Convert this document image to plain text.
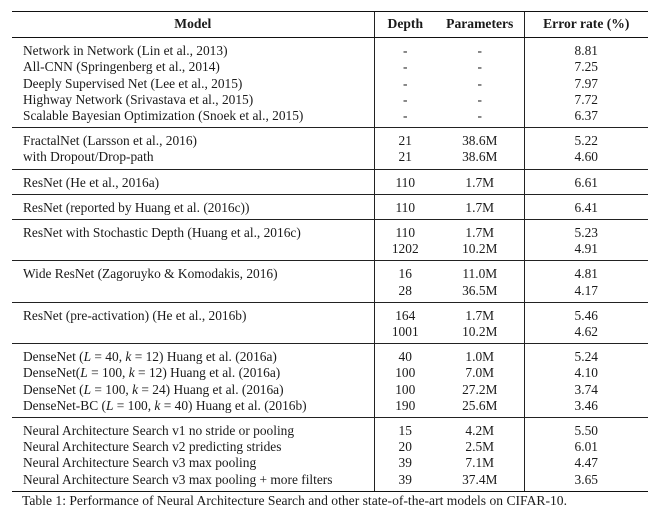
Model	Depth	Parameters	Error rate (%)
Network in Network (Lin et al., 2013)	-	-	8.81
All-CNN (Springenberg et al., 2014)	-	-	7.25
Deeply Supervised Net (Lee et al., 2015)	-	-	7.97
Highway Network (Srivastava et al., 2015)	-	-	7.72
Scalable Bayesian Optimization (Snoek et al., 2015)	-	-	6.37
FractalNet (Larsson et al., 2016)	21	38.6M	5.22
with Dropout/Drop-path	21	38.6M	4.60
ResNet (He et al., 2016a)	110	1.7M	6.61
ResNet (reported by Huang et al. (2016c))	110	1.7M	6.41
ResNet with Stochastic Depth (Huang et al., 2016c)	110	1.7M	5.23
	1202	10.2M	4.91
Wide ResNet (Zagoruyko & Komodakis, 2016)	16	11.0M	4.81
	28	36.5M	4.17
ResNet (pre-activation) (He et al., 2016b)	164	1.7M	5.46
	1001	10.2M	4.62
DenseNet (L = 40, k = 12) Huang et al. (2016a)	40	1.0M	5.24
DenseNet(L = 100, k = 12) Huang et al. (2016a)	100	7.0M	4.10
DenseNet (L = 100, k = 24) Huang et al. (2016a)	100	27.2M	3.74
DenseNet-BC (L = 100, k = 40) Huang et al. (2016b)	190	25.6M	3.46
Neural Architecture Search v1 no stride or pooling	15	4.2M	5.50
Neural Architecture Search v2 predicting strides	20	2.5M	6.01
Neural Architecture Search v3 max pooling	39	7.1M	4.47
Neural Architecture Search v3 max pooling + more filters	39	37.4M	3.65
Table 1: Performance of Neural Architecture Search and other state-of-the-art models on CIFAR-10.
